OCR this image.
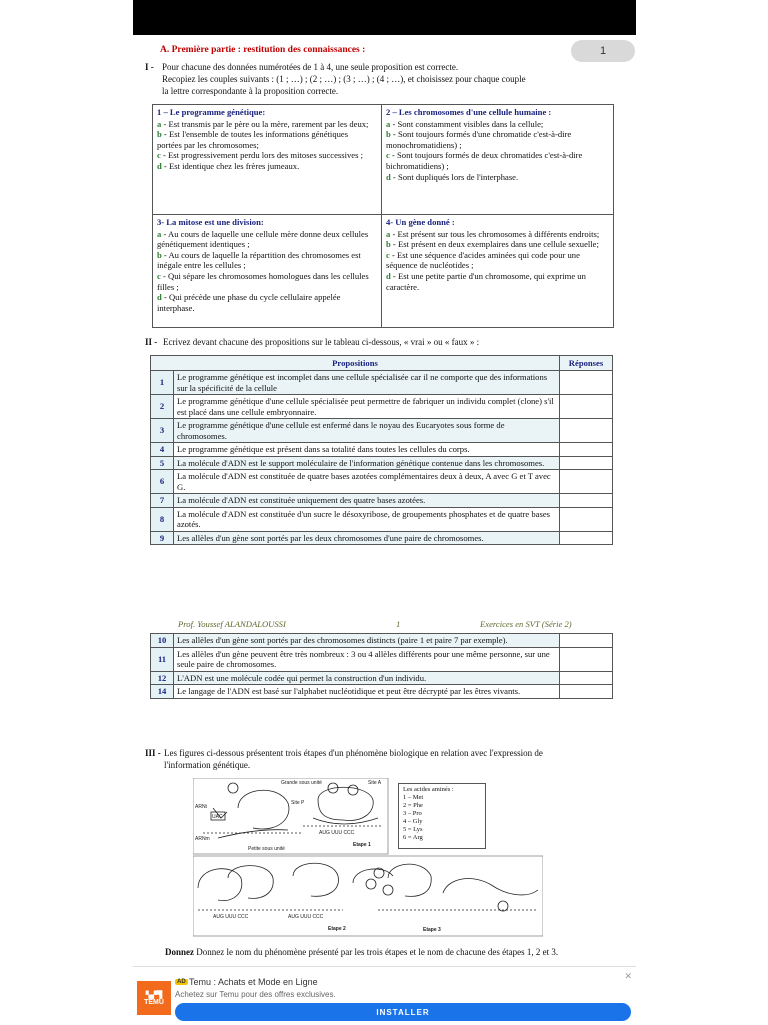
1
A. Première partie : restitution des connaissances :
I - Pour chacune des données numérotées de 1 à 4, une seule proposition est correcte.
Recopiez les couples suivants : (1 ; …) ; (2 ; …) ; (3 ; …) ; (4 ; …), et choisissez pour chaque couple
la lettre correspondante à la proposition correcte.
1 – Le programme génétique:
a - Est transmis par le père ou la mère, rarement par les deux;
b - Est l'ensemble de toutes les informations génétiques portées par les chromosomes;
c - Est progressivement perdu lors des mitoses successives ;
d - Est identique chez les frères jumeaux.
2 – Les chromosomes d'une cellule humaine :
a - Sont constamment visibles dans la cellule;
b - Sont toujours formés d'une chromatide c'est-à-dire monochromatidiens) ;
c - Sont toujours formés de deux chromatides c'est-à-dire bichromatidiens) ;
d - Sont dupliqués lors de l'interphase.
3- La mitose est une division:
a - Au cours de laquelle une cellule mère donne deux cellules génétiquement identiques ;
b - Au cours de laquelle la répartition des chromosomes est inégale entre les cellules ;
c - Qui sépare les chromosomes homologues dans les cellules filles ;
d - Qui précède une phase du cycle cellulaire appelée interphase.
4- Un gène donné :
a - Est présent sur tous les chromosomes à différents endroits;
b - Est présent en deux exemplaires dans une cellule sexuelle;
c - Est une séquence d'acides aminées qui code pour une séquence de nucléotides ;
d - Est une petite partie d'un chromosome, qui exprime un caractère.
II - Ecrivez devant chacune des propositions sur le tableau ci-dessous, « vrai » ou « faux » :
Propositions		Réponses
1	Le programme génétique est incomplet dans une cellule spécialisée car il ne comporte que des informations sur la spécificité de la cellule	
2	Le programme génétique d'une cellule spécialisée peut permettre de fabriquer un individu complet (clone) s'il est placé dans une cellule embryonnaire.	
3	Le programme génétique d'une cellule est enfermé dans le noyau des Eucaryotes sous forme de chromosomes.	
4	Le programme génétique est présent dans sa totalité dans toutes les cellules du corps.	
5	La molécule d'ADN est le support moléculaire de l'information génétique contenue dans les chromosomes.	
6	La molécule d'ADN est constituée de quatre bases azotées complémentaires deux à deux, A avec G et T avec G.	
7	La molécule d'ADN est constituée uniquement des quatre bases azotées.	
8	La molécule d'ADN est constituée d'un sucre le désoxyribose, de groupements phosphates et de quatre bases azotés.	
9	Les allèles d'un gène sont portés par les deux chromosomes d'une paire de chromosomes.	
Prof. Youssef ALANDALOUSSI	1	Exercices en SVT (Série 2)
10	Les allèles d'un gène sont portés par des chromosomes distincts (paire 1 et paire 7 par exemple).	
11	Les allèles d'un gène peuvent être très nombreux : 3 ou 4 allèles différents pour une même personne, sur une seule paire de chromosomes.	
12	L'ADN est une molécule codée qui permet la construction d'un individu.	
14	Le langage de l'ADN est basé sur l'alphabet nucléotidique et peut être décrypté par les êtres vivants.	
III - Les figures ci-dessous présentent trois étapes d'un phénomène biologique en relation avec l'expression de
l'information génétique.
Grande sous unité	Site A
Site P
ARNt
ARNm
Petite sous unité
UAC
AUG UUU CCC
Etape 1
AUG UUU CCC	AUG UUU CCC
Etape 2	Etape 3
Les acides aminés :
1 – Met
2 = Phe
3 – Pro
4 – Gly
5 = Lys
6 = Arg
Donnez Donnez le nom du phénomène présenté par les trois étapes et le nom de chacune des étapes 1, 2 et 3.
▚▞▜
TEMU
AD Temu : Achats et Mode en Ligne
Achetez sur Temu pour des offres exclusives.
INSTALLER
✕
